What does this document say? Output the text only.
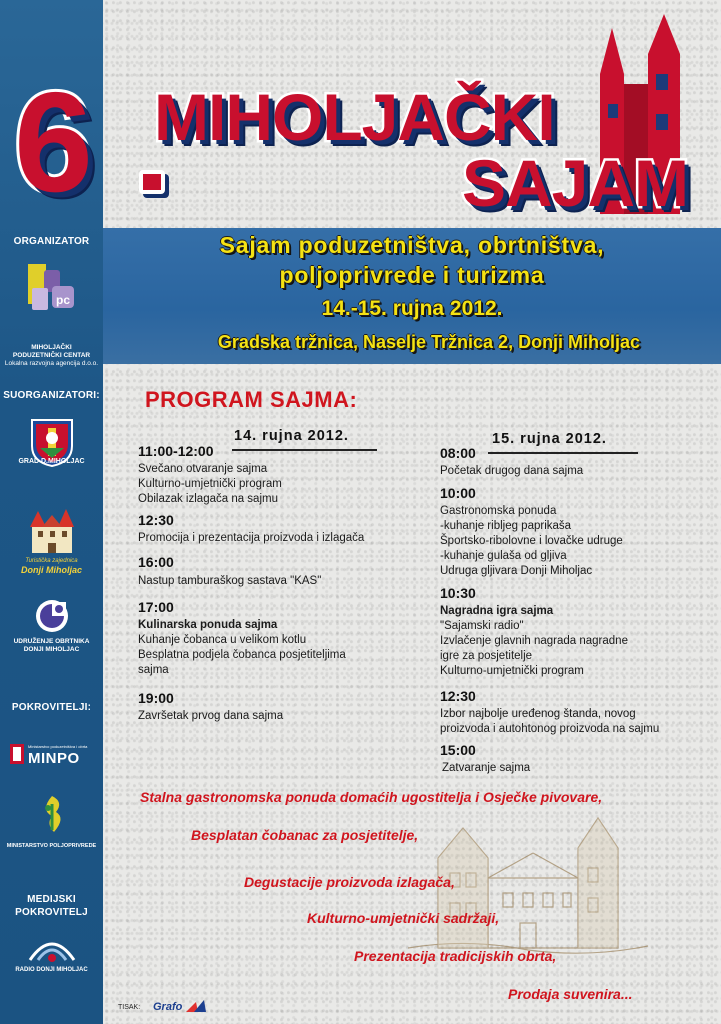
ORGANIZATOR
pc
MIHOLJAČKI
PODUZETNIČKI CENTAR
Lokalna razvojna agencija d.o.o.
SUORGANIZATORI:
GRAD D.MIHOLJAC
Turistička zajednica
Donji Miholjac
UDRUŽENJE OBRTNIKA
DONJI MIHOLJAC
POKROVITELJI:
Ministarstvo poduzetništva i obrta
MINPO
MINISTARSTVO POLJOPRIVREDE
MEDIJSKI
POKROVITELJ
RADIO DONJI MIHOLJAC
6 MIHOLJAČKI
SAJAM
Sajam poduzetništva, obrtništva,
poljoprivrede i turizma
14.-15. rujna 2012.
Gradska tržnica, Naselje Tržnica 2, Donji Miholjac
PROGRAM SAJMA:
14. rujna 2012.
11:00-12:00
Svečano otvaranje sajma
Kulturno-umjetnički program
Obilazak izlagača na sajmu
12:30
Promocija i prezentacija proizvoda i izlagača
16:00
Nastup tamburaškog sastava "KAS"
17:00
Kulinarska ponuda sajma
Kuhanje čobanca u velikom kotlu
Besplatna podjela čobanca posjetiteljima
sajma
19:00
Završetak prvog dana sajma
15. rujna 2012.
08:00
Početak drugog dana sajma
10:00
Gastronomska ponuda
-kuhanje ribljeg paprikaša
Športsko-ribolovne i lovačke udruge
-kuhanje gulaša od gljiva
Udruga gljivara Donji Miholjac
10:30
Nagradna igra sajma
"Sajamski radio"
Izvlačenje glavnih nagrada nagradne
igre za posjetitelje
Kulturno-umjetnički program
12:30
Izbor najbolje uređenog štanda, novog
proizvoda i autohtonog proizvoda na sajmu
15:00
Zatvaranje sajma
Stalna gastronomska ponuda domaćih ugostitelja i Osječke pivovare,
Besplatan čobanac za posjetitelje,
Degustacije proizvoda izlagača,
Kulturno-umjetnički sadržaji,
Prezentacija tradicijskih obrta,
Prodaja suvenira...
TISAK: Grafo
